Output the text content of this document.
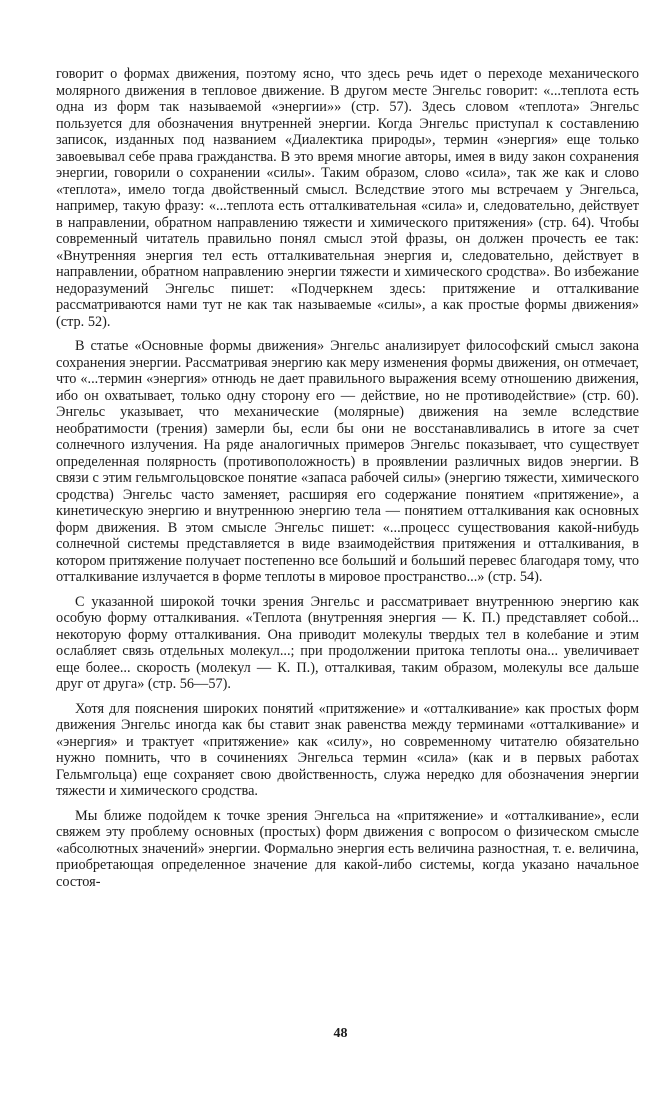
говорит о формах движения, поэтому ясно, что здесь речь идет о переходе механического молярного движения в тепловое движение. В другом месте Энгельс говорит: «...теплота есть одна из форм так называемой «энергии»» (стр. 57). Здесь словом «теплота» Энгельс пользуется для обозначения внутренней энергии. Когда Энгельс приступал к составлению записок, изданных под названием «Диалектика природы», термин «энергия» еще только завоевывал себе права гражданства. В это время многие авторы, имея в виду закон сохранения энергии, говорили о сохранении «силы». Таким образом, слово «сила», так же как и слово «теплота», имело тогда двойственный смысл. Вследствие этого мы встречаем у Энгельса, например, такую фразу: «...теплота есть отталкивательная «сила» и, следовательно, действует в направлении, обратном направлению тяжести и химического притяжения» (стр. 64). Чтобы современный читатель правильно понял смысл этой фразы, он должен прочесть ее так: «Внутренняя энергия тел есть отталкивательная энергия и, следовательно, действует в направлении, обратном направлению энергии тяжести и химического сродства». Во избежание недоразумений Энгельс пишет: «Подчеркнем здесь: притяжение и отталкивание рассматриваются нами тут не как так называемые «силы», а как простые формы движения» (стр. 52).

В статье «Основные формы движения» Энгельс анализирует философский смысл закона сохранения энергии. Рассматривая энергию как меру изменения формы движения, он отмечает, что «...термин «энергия» отнюдь не дает правильного выражения всему отношению движения, ибо он охватывает, только одну сторону его — действие, но не противодействие» (стр. 60). Энгельс указывает, что механические (молярные) движения на земле вследствие необратимости (трения) замерли бы, если бы они не восстанавливались в итоге за счет солнечного излучения. На ряде аналогичных примеров Энгельс показывает, что существует определенная полярность (противоположность) в проявлении различных видов энергии. В связи с этим гельмгольцовское понятие «запаса рабочей силы» (энергию тяжести, химического сродства) Энгельс часто заменяет, расширяя его содержание понятием «притяжение», а кинетическую энергию и внутреннюю энергию тела — понятием отталкивания как основных форм движения. В этом смысле Энгельс пишет: «...процесс существования какой-нибудь солнечной системы представляется в виде взаимодействия притяжения и отталкивания, в котором притяжение получает постепенно все больший и больший перевес благодаря тому, что отталкивание излучается в форме теплоты в мировое пространство...» (стр. 54).

С указанной широкой точки зрения Энгельс и рассматривает внутреннюю энергию как особую форму отталкивания. «Теплота (внутренняя энергия — К. П.) представляет собой... некоторую форму отталкивания. Она приводит молекулы твердых тел в колебание и этим ослабляет связь отдельных молекул...; при продолжении притока теплоты она... увеличивает еще более... скорость (молекул — К. П.), отталкивая, таким образом, молекулы все дальше друг от друга» (стр. 56—57).

Хотя для пояснения широких понятий «притяжение» и «отталкивание» как простых форм движения Энгельс иногда как бы ставит знак равенства между терминами «отталкивание» и «энергия» и трактует «притяжение» как «силу», но современному читателю обязательно нужно помнить, что в сочинениях Энгельса термин «сила» (как и в первых работах Гельмгольца) еще сохраняет свою двойственность, служа нередко для обозначения энергии тяжести и химического сродства.

Мы ближе подойдем к точке зрения Энгельса на «притяжение» и «отталкивание», если свяжем эту проблему основных (простых) форм движения с вопросом о физическом смысле «абсолютных значений» энергии. Формально энергия есть величина разностная, т. е. величина, приобретающая определенное значение для какой-либо системы, когда указано начальное состоя-

48
